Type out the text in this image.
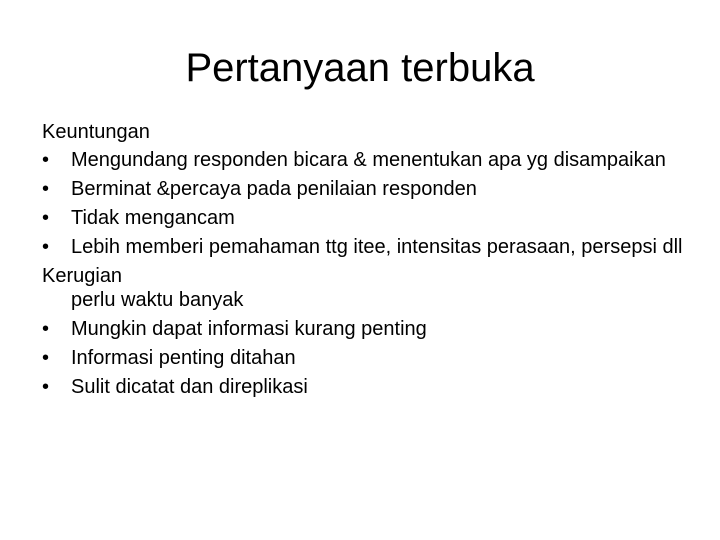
Pertanyaan terbuka
Keuntungan
• Mengundang responden bicara & menentukan apa yg disampaikan
• Berminat &percaya pada penilaian responden
• Tidak mengancam
• Lebih memberi pemahaman ttg itee, intensitas perasaan, persepsi dll
Kerugian
perlu waktu banyak
• Mungkin dapat informasi kurang penting
• Informasi penting ditahan
• Sulit dicatat dan direplikasi
